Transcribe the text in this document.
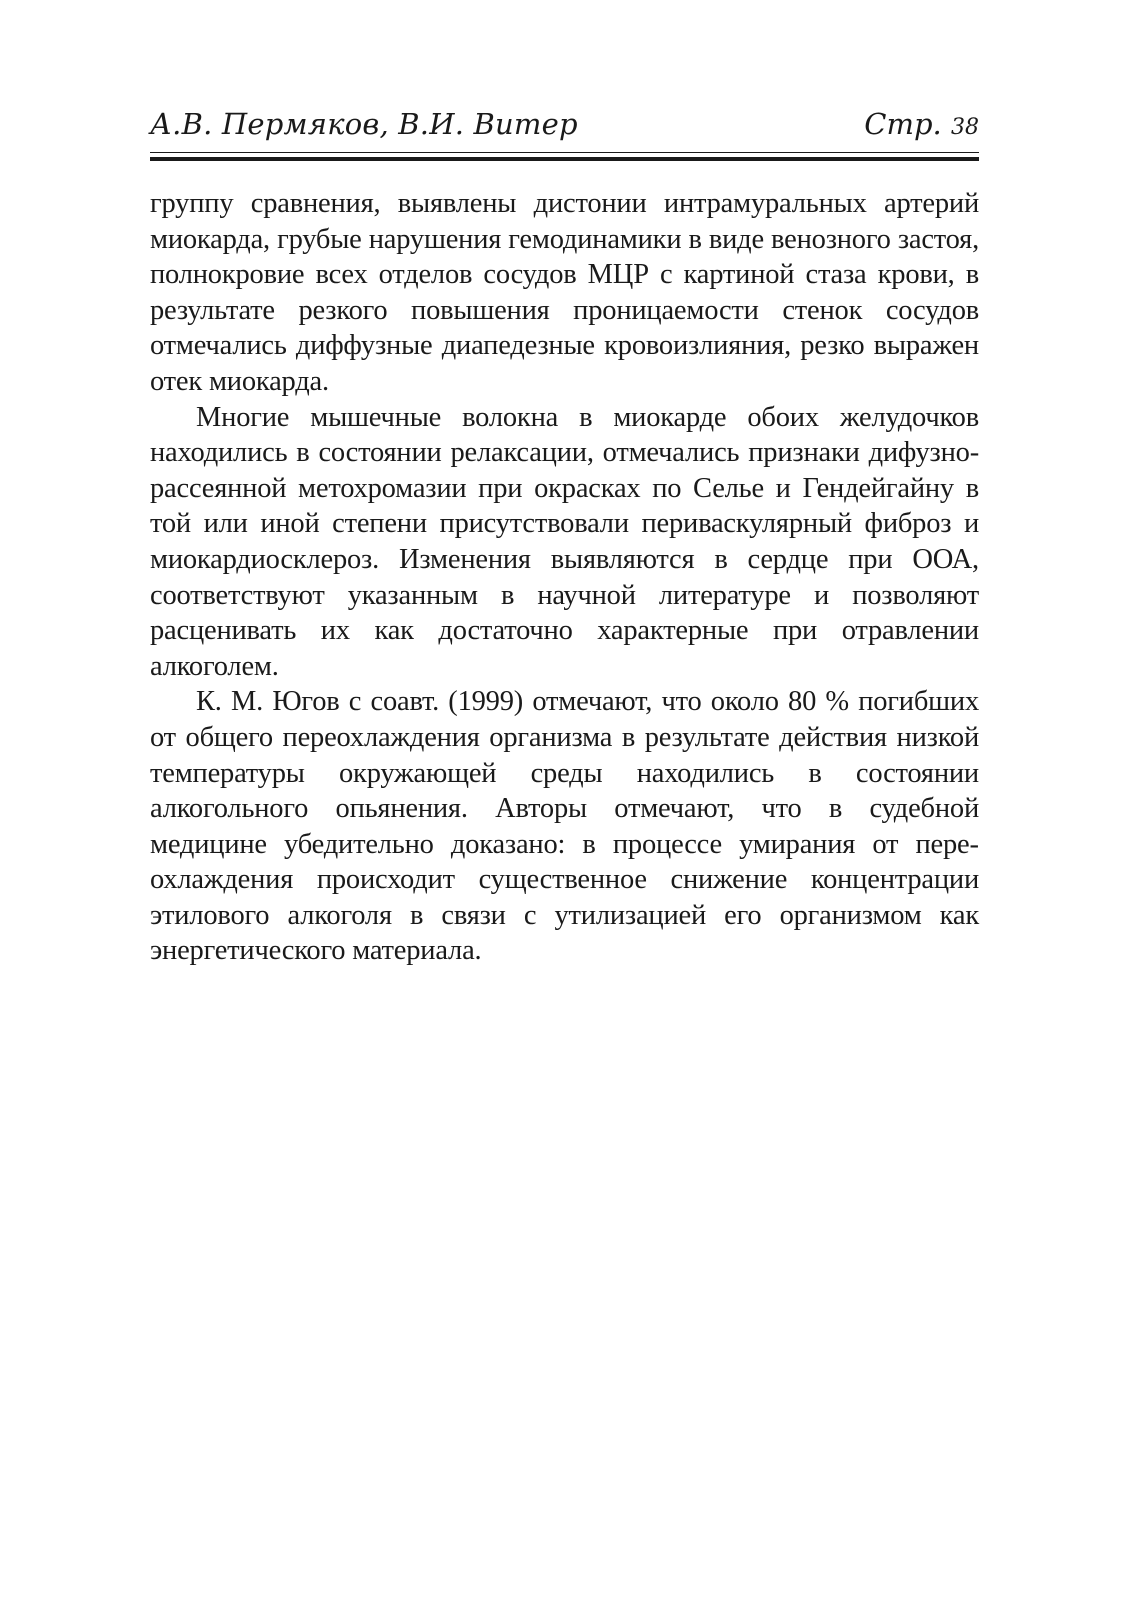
А.В. Пермяков, В.И. Витер	Стр. 38

группу сравнения, выявлены дистонии интрамуральных артерий миокарда, грубые нарушения гемодинамики в виде венозного застоя, полнокровие всех отделов сосудов МЦР с картиной стаза крови, в результате резкого повышения проницаемости стенок сосудов отмечались диффузные диапедезные кровоизлияния, резко выражен отек миокарда.

Многие мышечные волокна в миокарде обоих желудочков находились в состоянии релаксации, отмечались признаки дифузно-рассеянной метохромазии при окрасках по Селье и Гендейгайну в той или иной степени присутствовали периваскулярный фиброз и миокардиосклероз. Изменения выявляются в сердце при ООА, соответствуют указанным в научной литературе и позволяют расценивать их как достаточно характерные при отравлении алкоголем.

К. М. Югов с соавт. (1999) отмечают, что около 80 % погибших от общего переохлаждения организма в результате действия низкой температуры окружающей среды находились в состоянии алкогольного опьянения. Авторы отмечают, что в судебной медицине убедительно доказано: в процессе умирания от переохлаждения происходит существенное снижение концентрации этилового алкоголя в связи с утилизацией его организмом как энергетического материала.
